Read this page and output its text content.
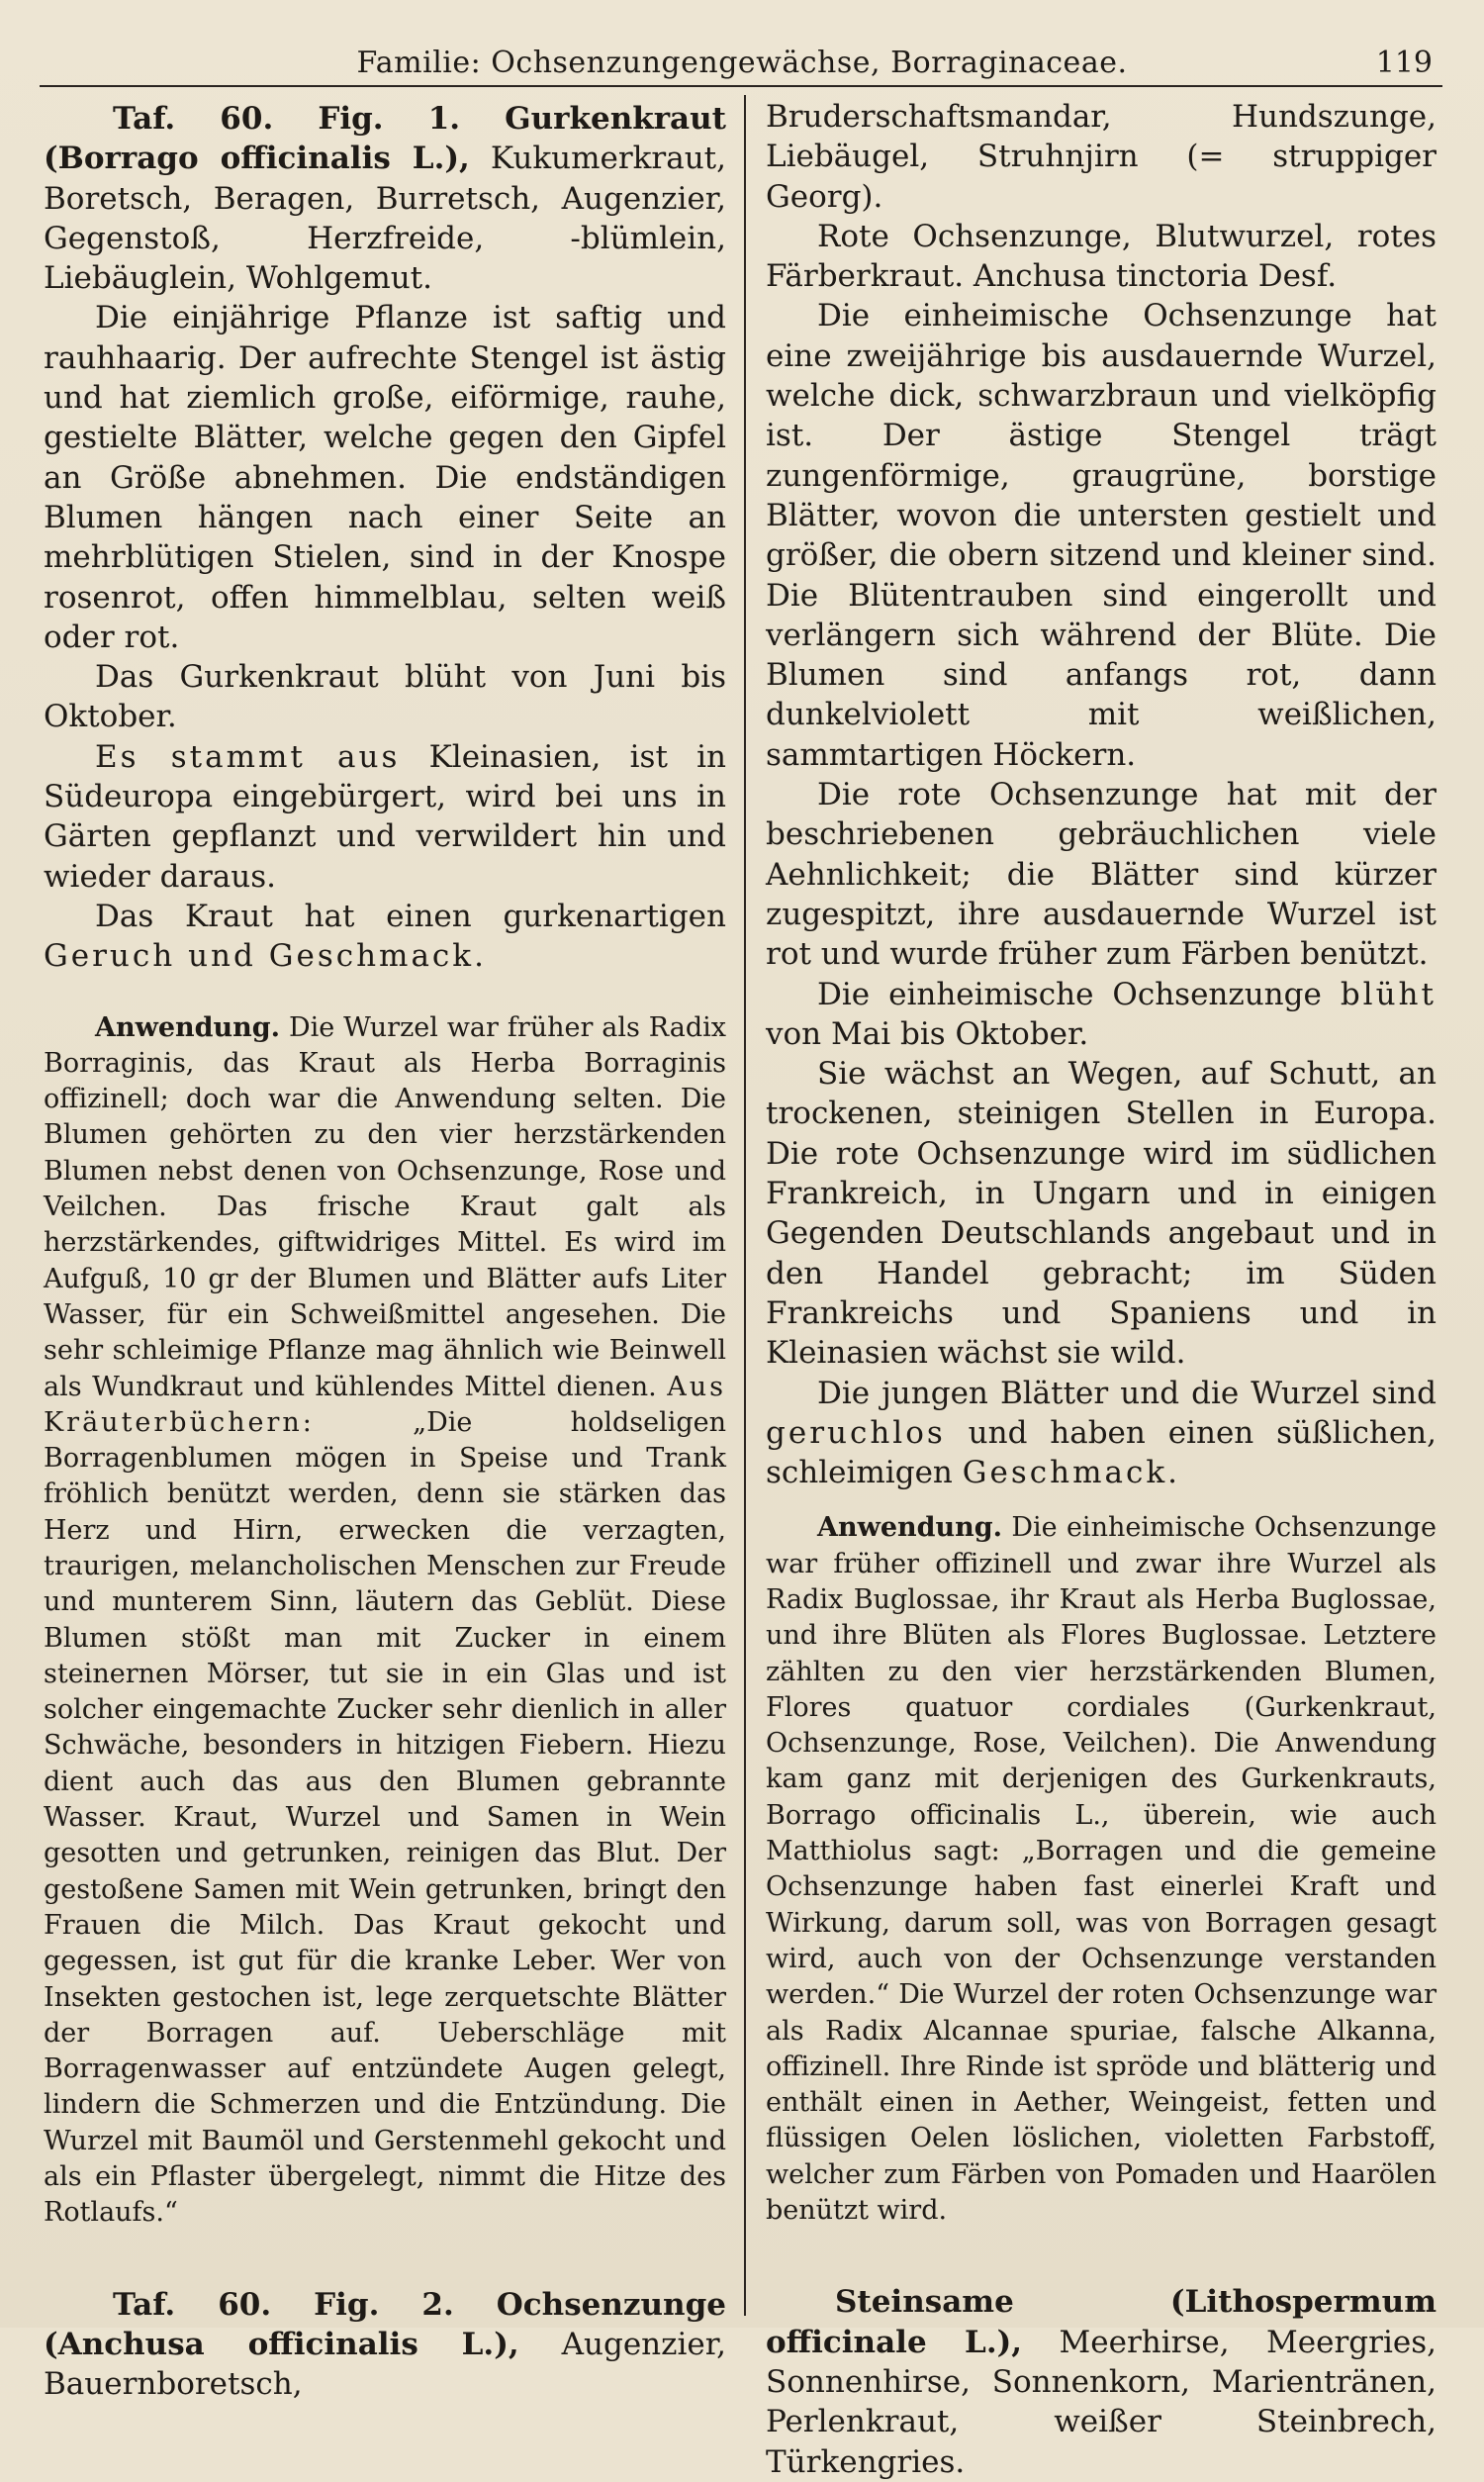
Familie: Ochsenzungengewächse, Borraginaceae.	119

Taf. 60. Fig. 1. Gurkenkraut (Borrago officinalis L.), Kukumerkraut, Boretsch, Beragen, Burretsch, Augenzier, Gegenstoß, Herzfreide, -blümlein, Liebäuglein, Wohlgemut.

Die einjährige Pflanze ist saftig und rauhhaarig. Der aufrechte Stengel ist ästig und hat ziemlich große, eiförmige, rauhe, gestielte Blätter, welche gegen den Gipfel an Größe abnehmen. Die endständigen Blumen hängen nach einer Seite an mehrblütigen Stielen, sind in der Knospe rosenrot, offen himmelblau, selten weiß oder rot.

Das Gurkenkraut blüht von Juni bis Oktober.

Es stammt aus Kleinasien, ist in Südeuropa eingebürgert, wird bei uns in Gärten gepflanzt und verwildert hin und wieder daraus.

Das Kraut hat einen gurkenartigen Geruch und Geschmack.

Anwendung. Die Wurzel war früher als Radix Borraginis, das Kraut als Herba Borraginis offizinell; doch war die Anwendung selten. Die Blumen gehörten zu den vier herzstärkenden Blumen nebst denen von Ochsenzunge, Rose und Veilchen. Das frische Kraut galt als herzstärkendes, giftwidriges Mittel. Es wird im Aufguß, 10 gr der Blumen und Blätter aufs Liter Wasser, für ein Schweißmittel angesehen. Die sehr schleimige Pflanze mag ähnlich wie Beinwell als Wundkraut und kühlendes Mittel dienen. Aus Kräuterbüchern: „Die holdseligen Borragenblumen mögen in Speise und Trank fröhlich benützt werden, denn sie stärken das Herz und Hirn, erwecken die verzagten, traurigen, melancholischen Menschen zur Freude und munterem Sinn, läutern das Geblüt. Diese Blumen stößt man mit Zucker in einem steinernen Mörser, tut sie in ein Glas und ist solcher eingemachte Zucker sehr dienlich in aller Schwäche, besonders in hitzigen Fiebern. Hiezu dient auch das aus den Blumen gebrannte Wasser. Kraut, Wurzel und Samen in Wein gesotten und getrunken, reinigen das Blut. Der gestoßene Samen mit Wein getrunken, bringt den Frauen die Milch. Das Kraut gekocht und gegessen, ist gut für die kranke Leber. Wer von Insekten gestochen ist, lege zerquetschte Blätter der Borragen auf. Ueberschläge mit Borragenwasser auf entzündete Augen gelegt, lindern die Schmerzen und die Entzündung. Die Wurzel mit Baumöl und Gerstenmehl gekocht und als ein Pflaster übergelegt, nimmt die Hitze des Rotlaufs.“

Taf. 60. Fig. 2. Ochsenzunge (Anchusa officinalis L.), Augenzier, Bauernboretsch,

Bruderschaftsmandar, Hundszunge, Liebäugel, Struhnjirn (= struppiger Georg).

Rote Ochsenzunge, Blutwurzel, rotes Färberkraut. Anchusa tinctoria Desf.

Die einheimische Ochsenzunge hat eine zweijährige bis ausdauernde Wurzel, welche dick, schwarzbraun und vielköpfig ist. Der ästige Stengel trägt zungenförmige, graugrüne, borstige Blätter, wovon die untersten gestielt und größer, die obern sitzend und kleiner sind. Die Blütentrauben sind eingerollt und verlängern sich während der Blüte. Die Blumen sind anfangs rot, dann dunkelviolett mit weißlichen, sammtartigen Höckern.

Die rote Ochsenzunge hat mit der beschriebenen gebräuchlichen viele Aehnlichkeit; die Blätter sind kürzer zugespitzt, ihre ausdauernde Wurzel ist rot und wurde früher zum Färben benützt.

Die einheimische Ochsenzunge blüht von Mai bis Oktober.

Sie wächst an Wegen, auf Schutt, an trockenen, steinigen Stellen in Europa. Die rote Ochsenzunge wird im südlichen Frankreich, in Ungarn und in einigen Gegenden Deutschlands angebaut und in den Handel gebracht; im Süden Frankreichs und Spaniens und in Kleinasien wächst sie wild.

Die jungen Blätter und die Wurzel sind geruchlos und haben einen süßlichen, schleimigen Geschmack.

Anwendung. Die einheimische Ochsenzunge war früher offizinell und zwar ihre Wurzel als Radix Buglossae, ihr Kraut als Herba Buglossae, und ihre Blüten als Flores Buglossae. Letztere zählten zu den vier herzstärkenden Blumen, Flores quatuor cordiales (Gurkenkraut, Ochsenzunge, Rose, Veilchen). Die Anwendung kam ganz mit derjenigen des Gurkenkrauts, Borrago officinalis L., überein, wie auch Matthiolus sagt: „Borragen und die gemeine Ochsenzunge haben fast einerlei Kraft und Wirkung, darum soll, was von Borragen gesagt wird, auch von der Ochsenzunge verstanden werden.“ Die Wurzel der roten Ochsenzunge war als Radix Alcannae spuriae, falsche Alkanna, offizinell. Ihre Rinde ist spröde und blätterig und enthält einen in Aether, Weingeist, fetten und flüssigen Oelen löslichen, violetten Farbstoff, welcher zum Färben von Pomaden und Haarölen benützt wird.

Steinsame (Lithospermum officinale L.), Meerhirse, Meergries, Sonnenhirse, Sonnenkorn, Marientränen, Perlenkraut, weißer Steinbrech, Türkengries.
